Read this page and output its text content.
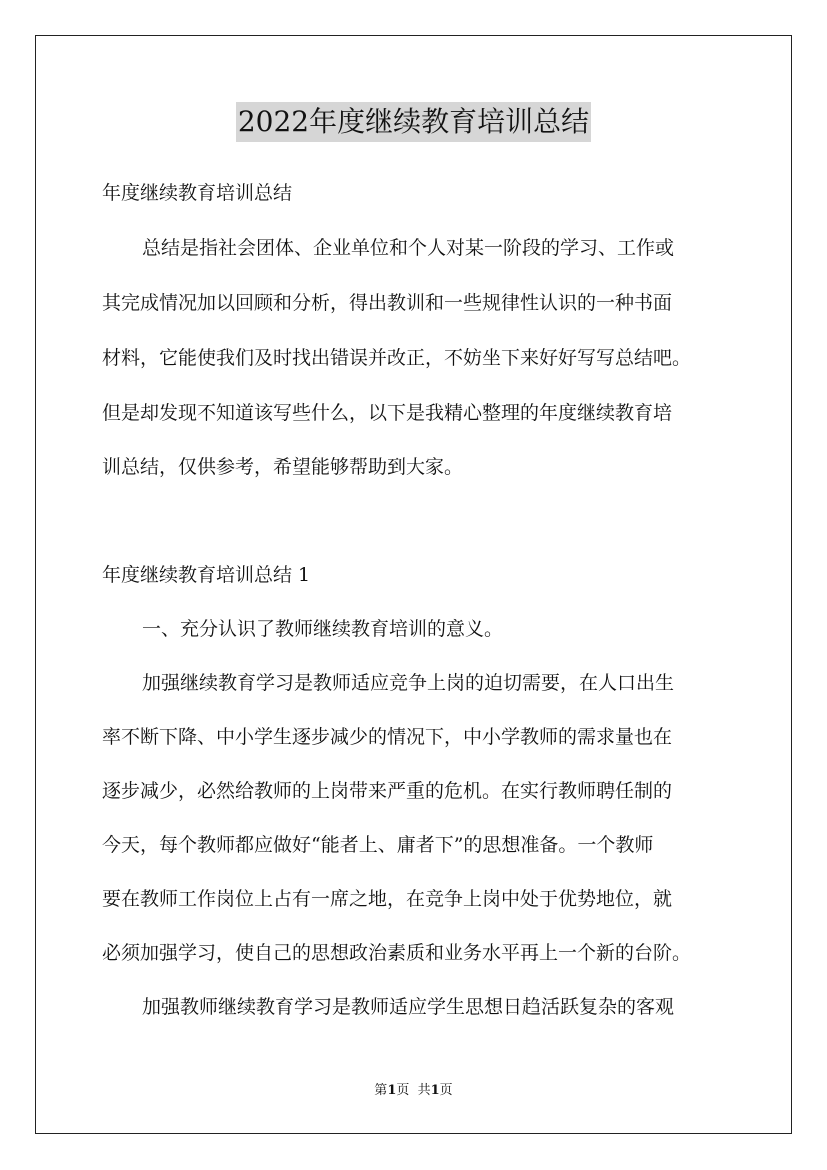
2022年度继续教育培训总结
年度继续教育培训总结
总结是指社会团体、企业单位和个人对某一阶段的学习、工作或
其完成情况加以回顾和分析，得出教训和一些规律性认识的一种书面
材料，它能使我们及时找出错误并改正，不妨坐下来好好写写总结吧。
但是却发现不知道该写些什么，以下是我精心整理的年度继续教育培
训总结，仅供参考，希望能够帮助到大家。
年度继续教育培训总结 1
一、充分认识了教师继续教育培训的意义。
加强继续教育学习是教师适应竞争上岗的迫切需要，在人口出生
率不断下降、中小学生逐步减少的情况下，中小学教师的需求量也在
逐步减少，必然给教师的上岗带来严重的危机。在实行教师聘任制的
今天，每个教师都应做好“能者上、庸者下”的思想准备。一个教师
要在教师工作岗位上占有一席之地，在竞争上岗中处于优势地位，就
必须加强学习，使自己的思想政治素质和业务水平再上一个新的台阶。
加强教师继续教育学习是教师适应学生思想日趋活跃复杂的客观
第1页  共1页
